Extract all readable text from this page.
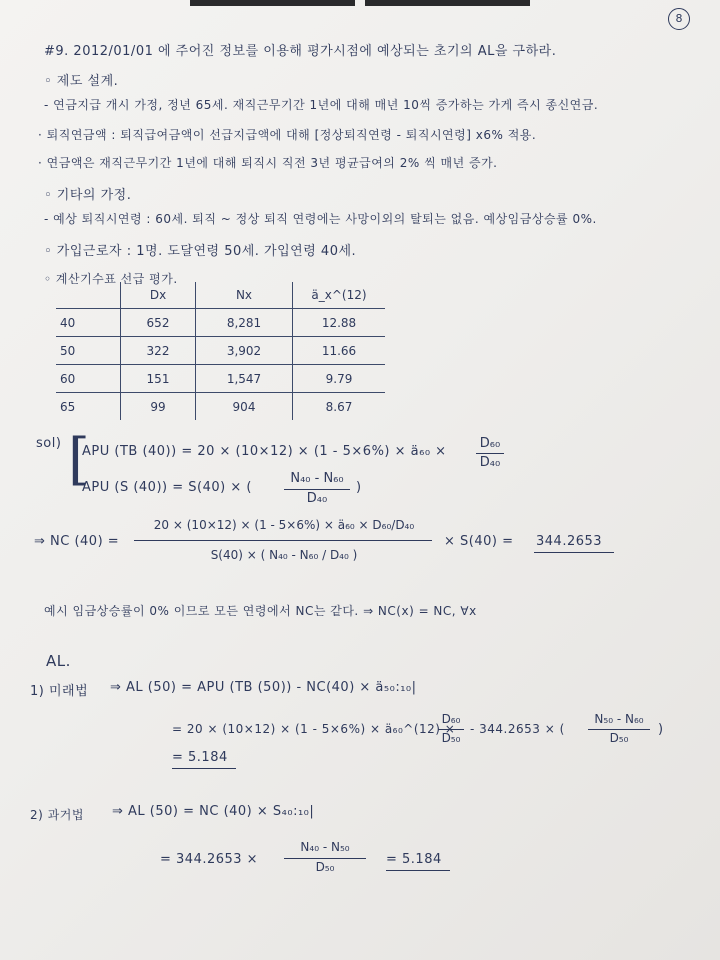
8
#9. 2012/01/01 에 주어진 정보를 이용해 평가시점에 예상되는 초기의 AL을 구하라.
◦ 제도 설계.
- 연금지급 개시 가정, 정년 65세. 재직근무기간 1년에 대해 매년 10씩 증가하는 가게 즉시 종신연금.
· 퇴직연금액 : 퇴직급여금액이 선급지급액에 대해 [정상퇴직연령 - 퇴직시연령] x6% 적용.
· 연금액은 재직근무기간 1년에 대해 퇴직시 직전 3년 평균급여의 2% 씩 매년 증가.
◦ 기타의 가정.
- 예상 퇴직시연령 : 60세. 퇴직 ~ 정상 퇴직 연령에는 사망이외의 탈퇴는 없음. 예상임금상승률 0%.
◦ 가입근로자 : 1명. 도달연령 50세. 가입연령 40세.
◦ 계산기수표 선급 평가.
	Dx	Nx	ä_x^(12)
40	652	8,281	12.88
50	322	3,902	11.66
60	151	1,547	9.79
65	99	904	8.67
sol) [
APU (TB (40)) = 20 × (10×12) × (1 - 5×6%) × ä₆₀ ×
D₆₀
D₄₀
APU (S (40)) = S(40) × (
N₄₀ - N₆₀
D₄₀
)
⇒ NC (40) =
20 × (10×12) × (1 - 5×6%) × ä₆₀ × D₆₀/D₄₀
S(40) × ( N₄₀ - N₆₀ / D₄₀ )
× S(40) = 344.2653
예시 임금상승률이 0% 이므로 모든 연령에서 NC는 같다. ⇒ NC(x) = NC, ∀x
AL.
1) 미래법 ⇒ AL (50) = APU (TB (50)) - NC(40) × ä₅₀:₁₀|
= 20 × (10×12) × (1 - 5×6%) × ä₆₀^(12) ×
D₆₀
D₅₀
- 344.2653 × (
N₅₀ - N₆₀
D₅₀
)
= 5.184
2) 과거법 ⇒ AL (50) = NC (40) × S₄₀:₁₀|
= 344.2653 ×
N₄₀ - N₅₀
D₅₀	= 5.184
